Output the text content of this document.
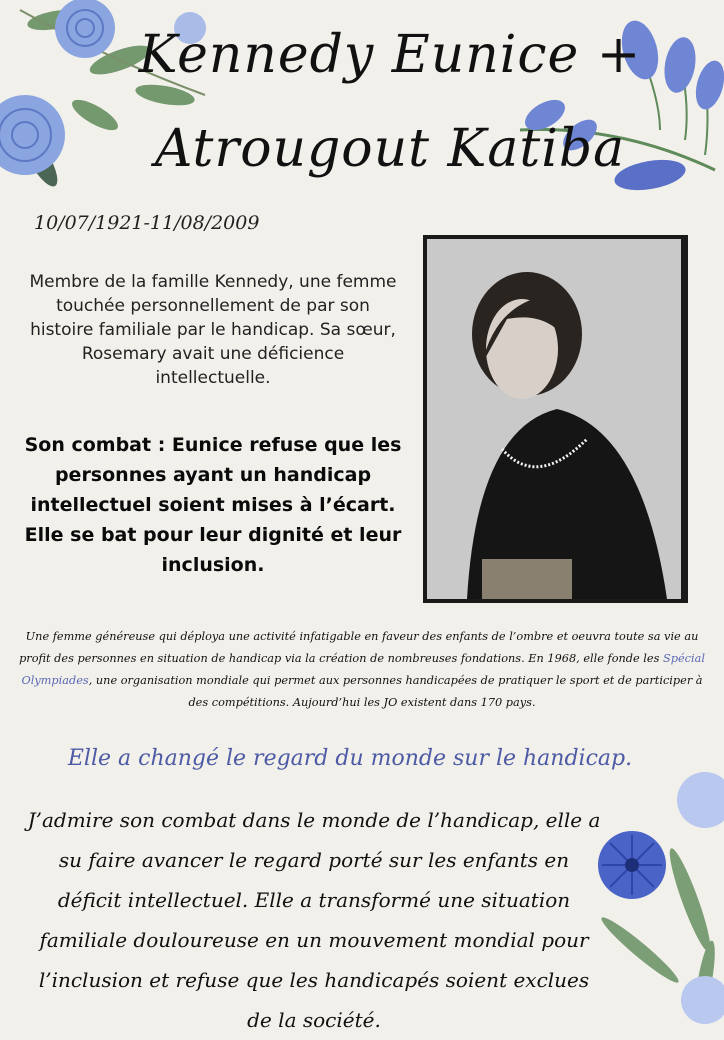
Kennedy Eunice +
Atrougout Katiba
10/07/1921-11/08/2009
Membre de la famille Kennedy, une femme touchée personnellement de par son histoire familiale par le handicap. Sa sœur, Rosemary avait une déficience intellectuelle.
Son combat : Eunice refuse que les personnes ayant un handicap intellectuel soient mises à l’écart. Elle se bat pour leur dignité et leur inclusion.
Une femme généreuse qui déploya une activité infatigable en faveur des enfants de l’ombre et oeuvra toute sa vie au profit des personnes en situation de handicap via la création de nombreuses fondations. En 1968, elle fonde les Spécial Olympiades, une organisation mondiale qui permet aux personnes handicapées de pratiquer le sport et de participer à des compétitions. Aujourd’hui les JO existent dans 170 pays.
Elle a changé le regard du monde sur le handicap.
J’admire son combat dans le monde de l’handicap, elle a su faire avancer le regard porté sur les enfants en déficit intellectuel. Elle a transformé une situation familiale douloureuse en un mouvement mondial pour l’inclusion et refuse que les handicapés soient exclues de la société.
